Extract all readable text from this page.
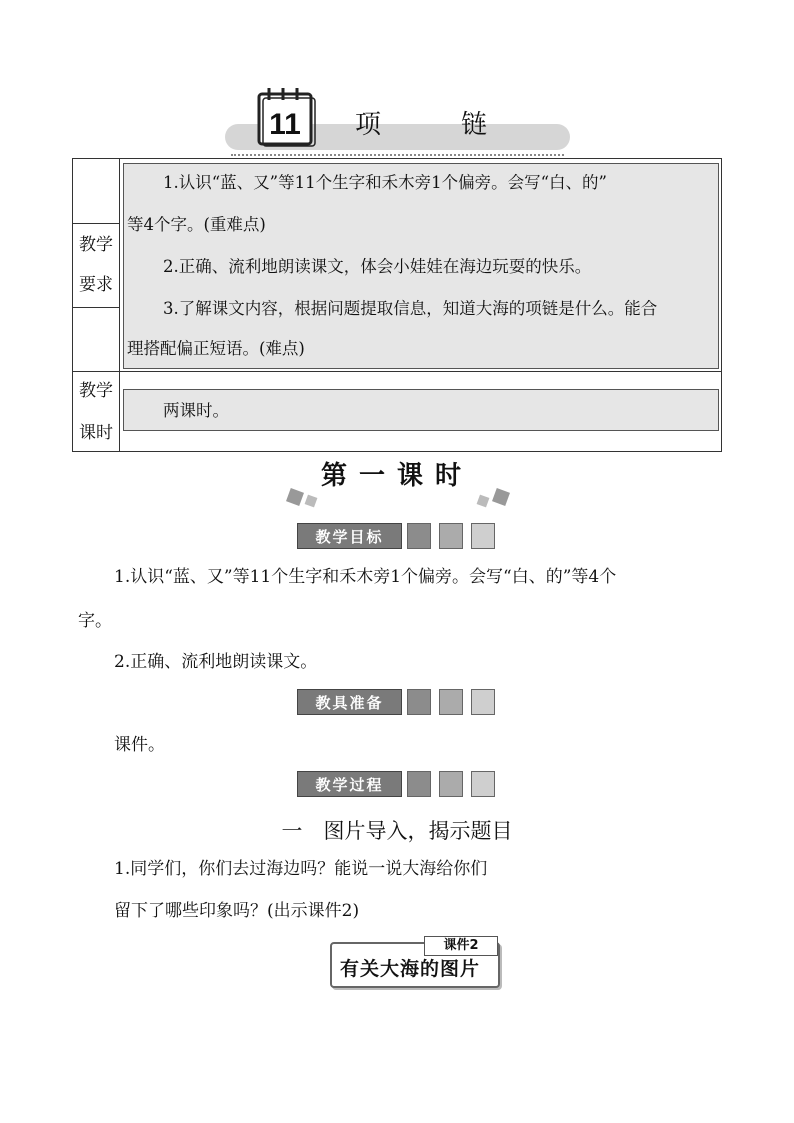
11 项	链
教学
要求
1.认识“蓝、又”等11个生字和禾木旁1个偏旁。会写“白、的”
等4个字。(重难点)
2.正确、流利地朗读课文，体会小娃娃在海边玩耍的快乐。
3.了解课文内容，根据问题提取信息，知道大海的项链是什么。能合
理搭配偏正短语。(难点)
教学
课时
两课时。
第一课时
教学目标
1.认识“蓝、又”等11个生字和禾木旁1个偏旁。会写“白、的”等4个
字。
2.正确、流利地朗读课文。
教具准备
课件。
教学过程
一　图片导入，揭示题目
1.同学们，你们去过海边吗？能说一说大海给你们
留下了哪些印象吗？(出示课件2)
课件2
有关大海的图片
